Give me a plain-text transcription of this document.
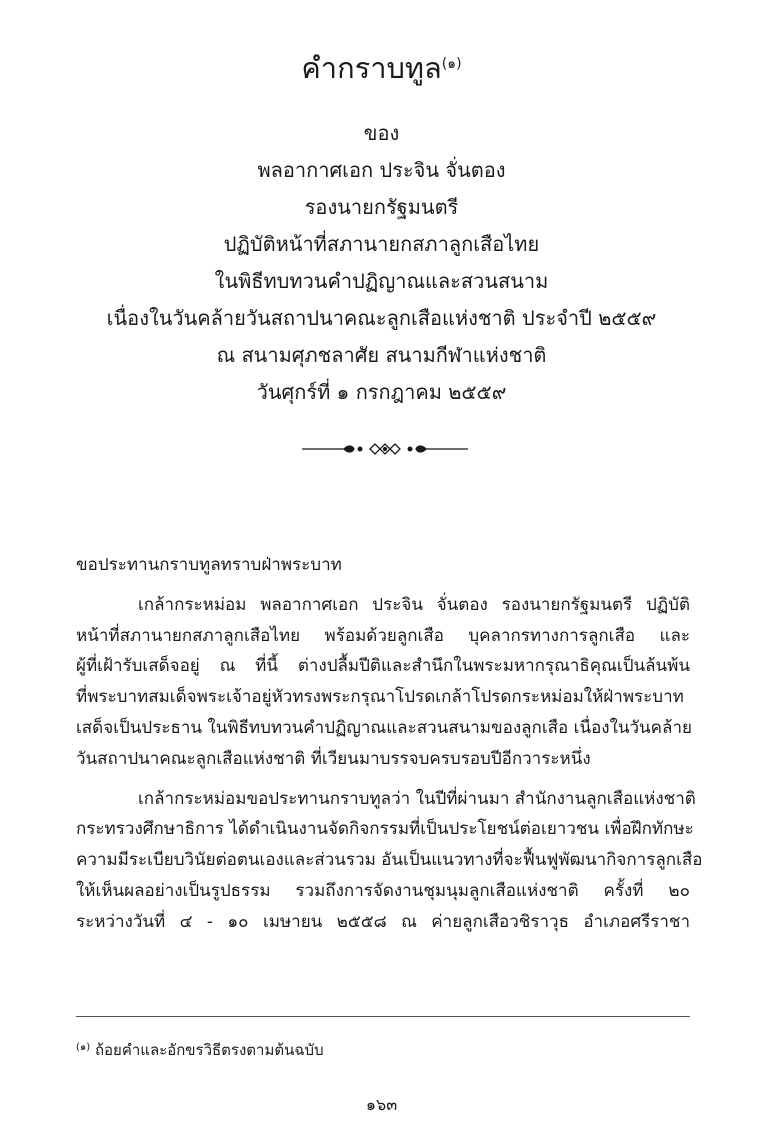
คำกราบทูล$^{(๑)}$
ของ
พลอากาศเอก ประจิน จั่นตอง
รองนายกรัฐมนตรี
ปฏิบัติหน้าที่สภานายกสภาลูกเสือไทย
ในพิธีทบทวนคำปฏิญาณและสวนสนาม
เนื่องในวันคล้ายวันสถาปนาคณะลูกเสือแห่งชาติ ประจำปี ๒๕๕๙
ณ สนามศุภชลาศัย สนามกีฬาแห่งชาติ
วันศุกร์ที่ ๑ กรกฎาคม ๒๕๕๙
ขอประทานกราบทูลทราบฝ่าพระบาท
เกล้ากระหม่อม พลอากาศเอก ประจิน จั่นตอง รองนายกรัฐมนตรี ปฏิบัติ
หน้าที่สภานายกสภาลูกเสือไทย พร้อมด้วยลูกเสือ บุคลากรทางการลูกเสือ และ
ผู้ที่เฝ้ารับเสด็จอยู่ ณ ที่นี้ ต่างปลื้มปีติและสำนึกในพระมหากรุณาธิคุณเป็นล้นพ้น
ที่พระบาทสมเด็จพระเจ้าอยู่หัวทรงพระกรุณาโปรดเกล้าโปรดกระหม่อมให้ฝ่าพระบาท
เสด็จเป็นประธาน ในพิธีทบทวนคำปฏิญาณและสวนสนามของลูกเสือ เนื่องในวันคล้าย
วันสถาปนาคณะลูกเสือแห่งชาติ ที่เวียนมาบรรจบครบรอบปีอีกวาระหนึ่ง
เกล้ากระหม่อมขอประทานกราบทูลว่า ในปีที่ผ่านมา สำนักงานลูกเสือแห่งชาติ
กระทรวงศึกษาธิการ ได้ดำเนินงานจัดกิจกรรมที่เป็นประโยชน์ต่อเยาวชน เพื่อฝึกทักษะ
ความมีระเบียบวินัยต่อตนเองและส่วนรวม อันเป็นแนวทางที่จะฟื้นฟูพัฒนากิจการลูกเสือ
ให้เห็นผลอย่างเป็นรูปธรรม รวมถึงการจัดงานชุมนุมลูกเสือแห่งชาติ ครั้งที่ ๒๐
ระหว่างวันที่ ๔ - ๑๐ เมษายน ๒๕๕๘ ณ ค่ายลูกเสือวชิราวุธ อำเภอศรีราชา
$^{(๑)}$ ถ้อยคำและอักขรวิธีตรงตามต้นฉบับ
๑๖๓
